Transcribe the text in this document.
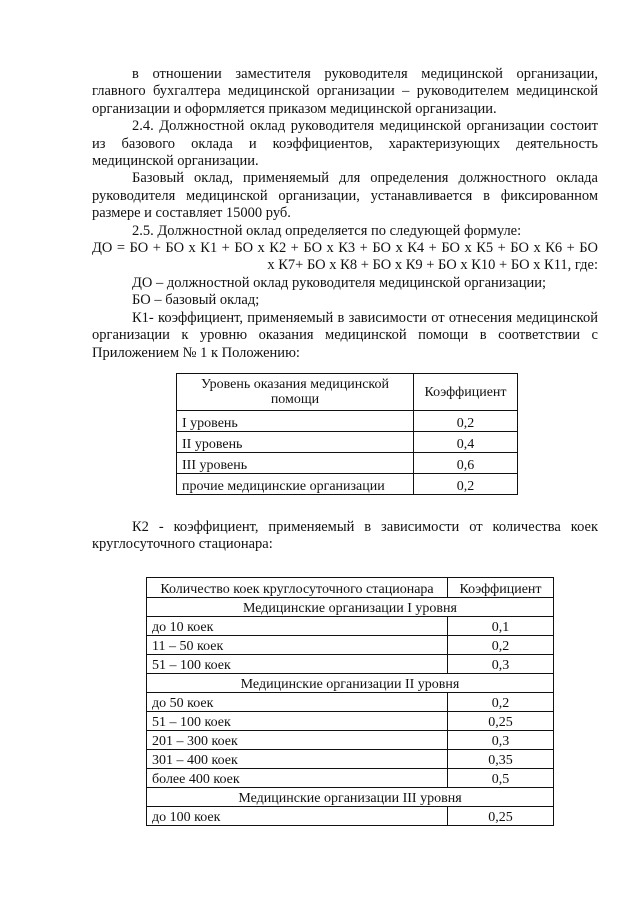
в отношении заместителя руководителя медицинской организации, главного бухгалтера медицинской организации – руководителем медицинской организации и оформляется приказом медицинской организации.

2.4. Должностной оклад руководителя медицинской организации состоит из базового оклада и коэффициентов, характеризующих деятельность медицинской организации.

Базовый оклад, применяемый для определения должностного оклада руководителя медицинской организации, устанавливается в фиксированном размере и составляет 15000 руб.

2.5. Должностной оклад определяется по следующей формуле:

ДО = БО + БО х К1 + БО х К2 + БО х К3 + БО х К4 + БО х К5 + БО х К6 + БО

х К7+ БО х К8 + БО х К9 + БО х К10 + БО х К11, где:

ДО – должностной оклад руководителя медицинской организации;

БО – базовый оклад;

К1- коэффициент, применяемый в зависимости от отнесения медицинской организации к уровню оказания медицинской помощи в соответствии с Приложением № 1 к Положению:

Уровень оказания медицинской помощи	Коэффициент
I уровень	0,2
II уровень	0,4
III уровень	0,6
прочие медицинские организации	0,2

К2 - коэффициент, применяемый в зависимости от количества коек круглосуточного стационара:

Количество коек круглосуточного стационара	Коэффициент
Медицинские организации I уровня	
до 10 коек	0,1
11 – 50 коек	0,2
51 – 100 коек	0,3
Медицинские организации II уровня	
до 50 коек	0,2
51 – 100 коек	0,25
201 – 300 коек	0,3
301 – 400 коек	0,35
более 400 коек	0,5
Медицинские организации III уровня	
до 100 коек	0,25
